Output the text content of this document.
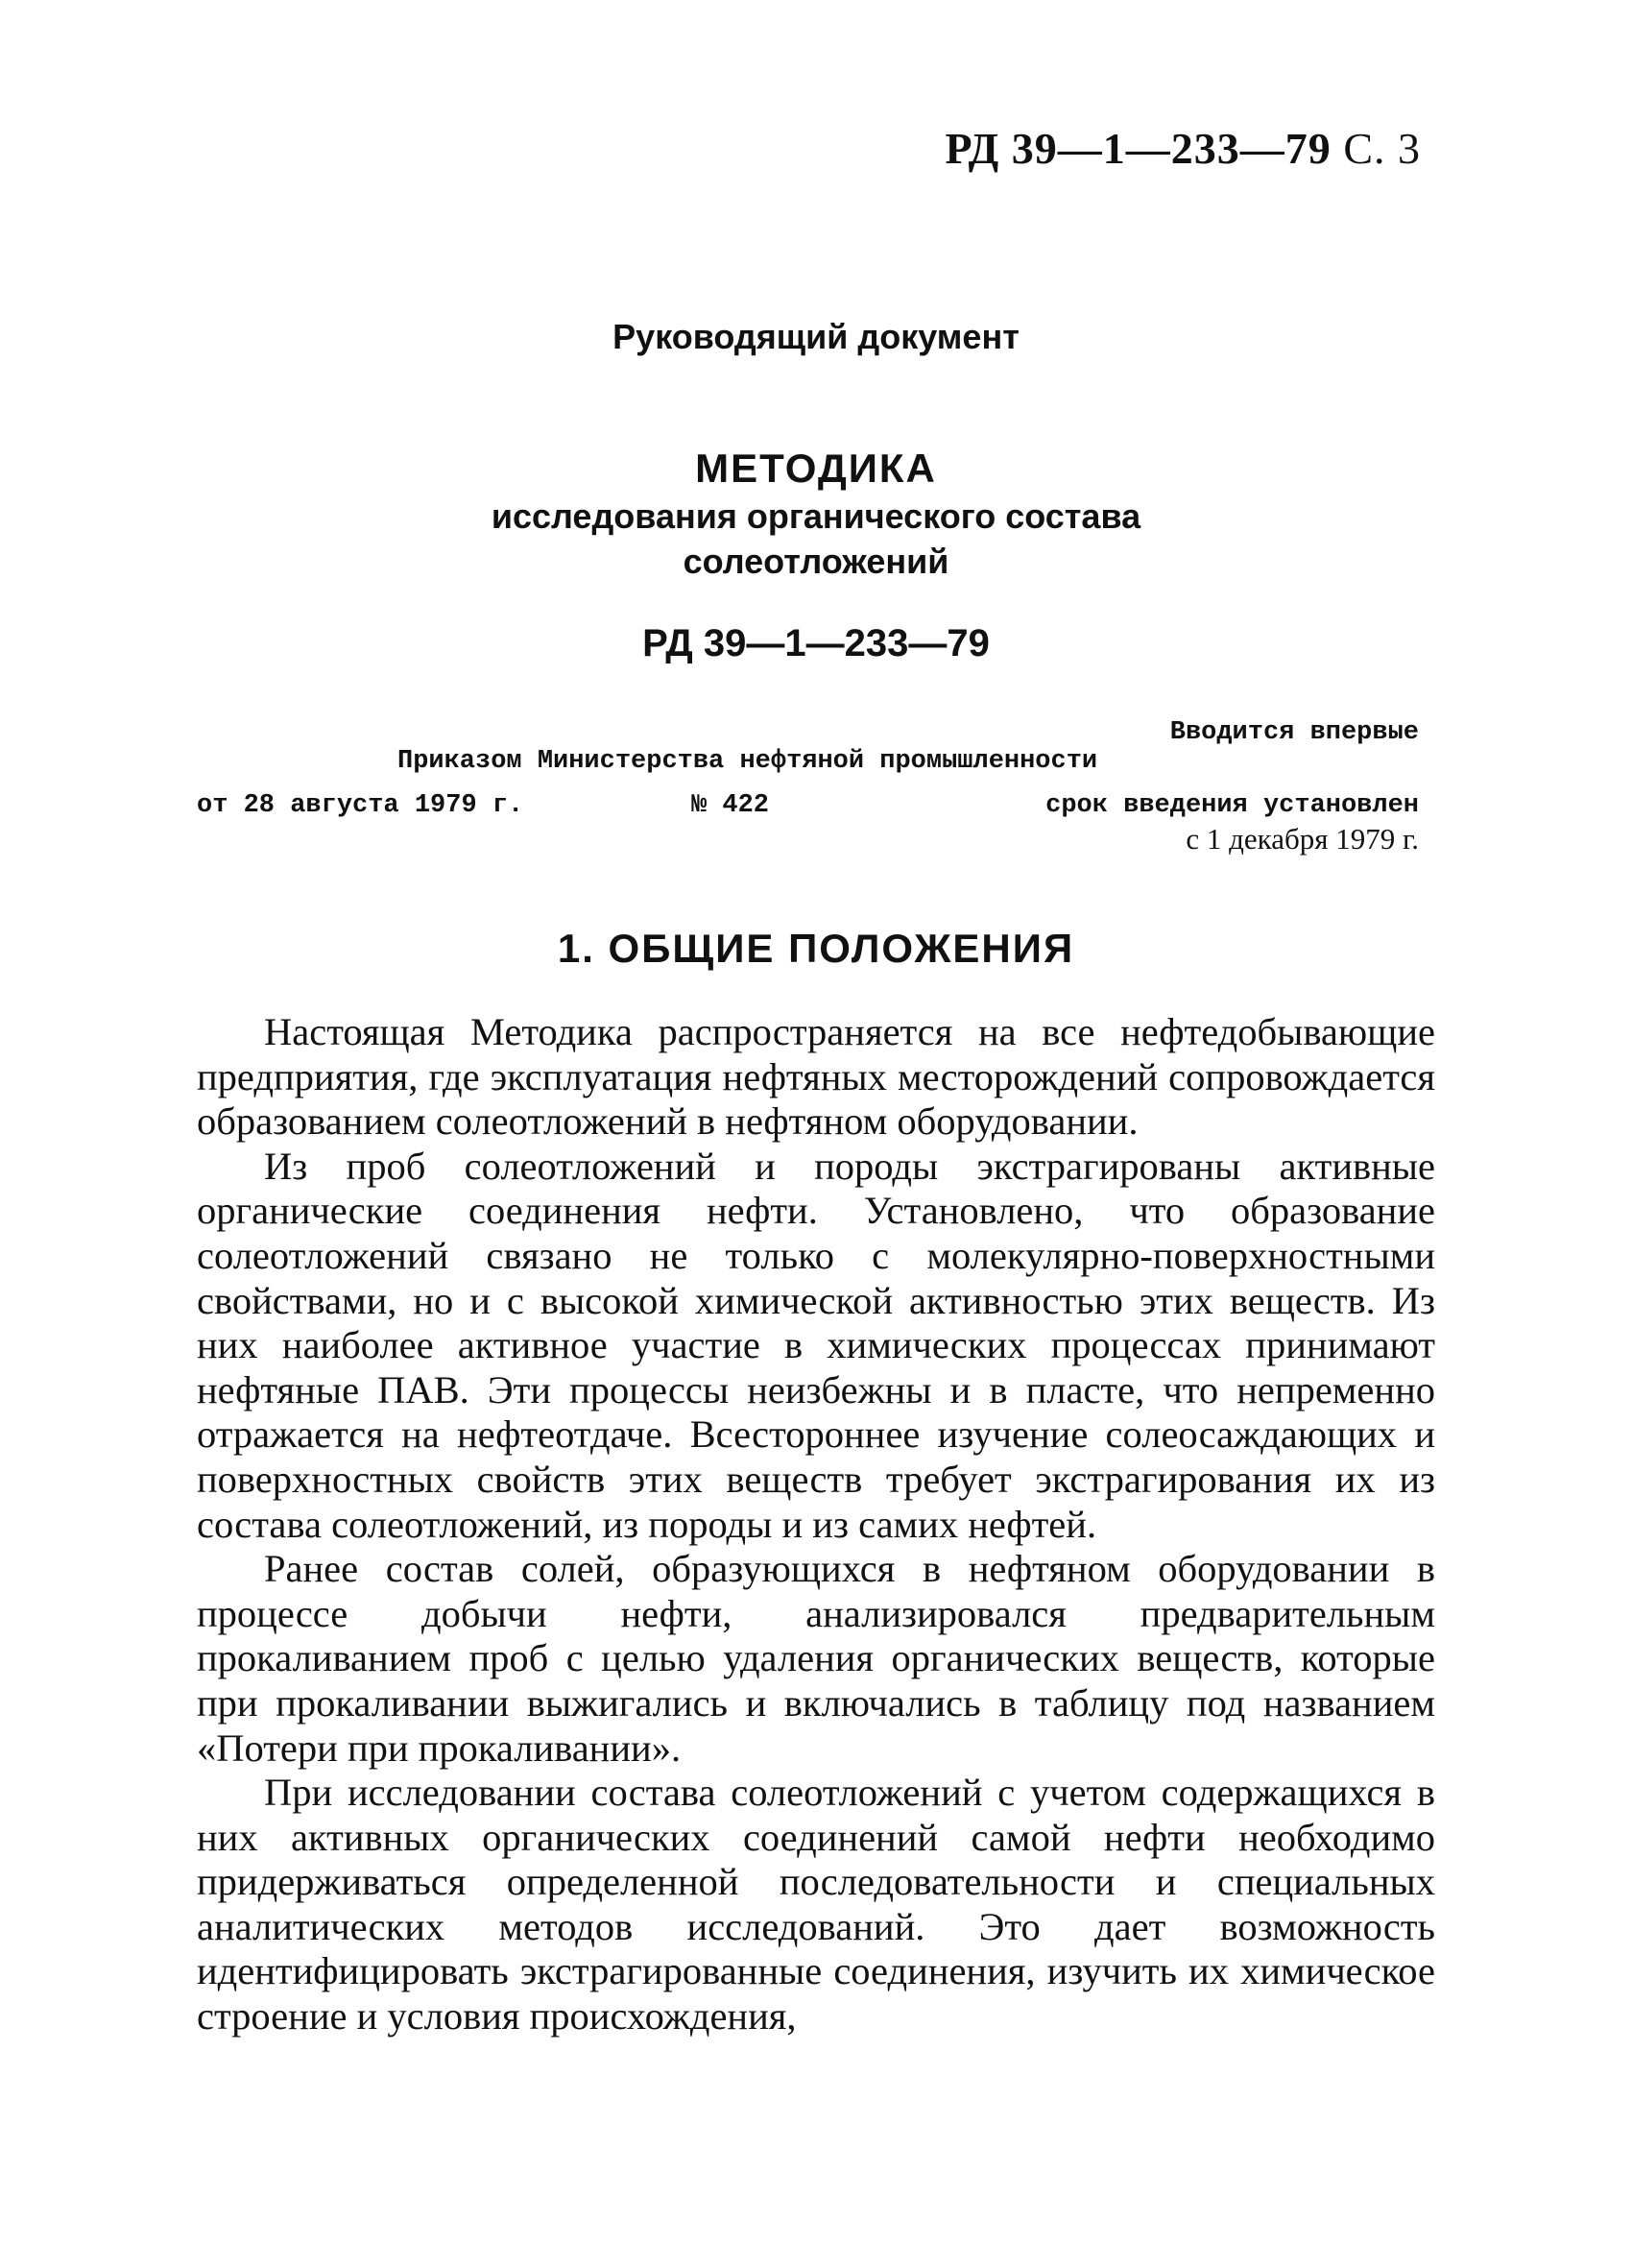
РД 39—1—233—79 С. 3
Руководящий документ
МЕТОДИКА
исследования органического состава
солеотложений
РД 39—1—233—79
Вводится впервые
Приказом Министерства нефтяной промышленности
от 28 августа 1979 г.	№ 422	срок введения установлен
с 1 декабря 1979 г.
1. ОБЩИЕ ПОЛОЖЕНИЯ

Настоящая Методика распространяется на все нефтедобывающие предприятия, где эксплуатация нефтяных месторождений сопровождается образованием солеотложений в нефтяном оборудовании.

Из проб солеотложений и породы экстрагированы активные органические соединения нефти. Установлено, что образование солеотложений связано не только с молекулярно-поверхностными свойствами, но и с высокой химической активностью этих веществ. Из них наиболее активное участие в химических процессах принимают нефтяные ПАВ. Эти процессы неизбежны и в пласте, что непременно отражается на нефтеотдаче. Всестороннее изучение солеосаждающих и поверхностных свойств этих веществ требует экстрагирования их из состава солеотложений, из породы и из самих нефтей.

Ранее состав солей, образующихся в нефтяном оборудовании в процессе добычи нефти, анализировался предварительным прокаливанием проб с целью удаления органических веществ, которые при прокаливании выжигались и включались в таблицу под названием «Потери при прокаливании».

При исследовании состава солеотложений с учетом содержащихся в них активных органических соединений самой нефти необходимо придерживаться определенной последовательности и специальных аналитических методов исследований. Это дает возможность идентифицировать экстрагированные соединения, изучить их химическое строение и условия происхождения,
